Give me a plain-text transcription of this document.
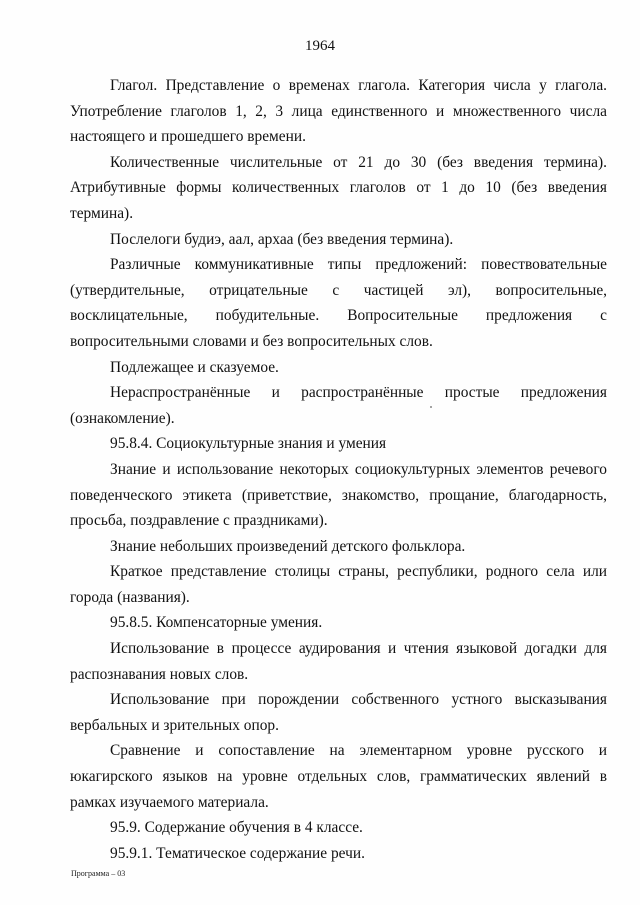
1964

Глагол. Представление о временах глагола. Категория числа у глагола. Употребление глаголов 1, 2, 3 лица единственного и множественного числа настоящего и прошедшего времени.

Количественные числительные от 21 до 30 (без введения термина). Атрибутивные формы количественных глаголов от 1 до 10 (без введения термина).

Послелоги будиэ, аал, архаа (без введения термина).

Различные коммуникативные типы предложений: повествовательные (утвердительные, отрицательные с частицей эл), вопросительные, восклицательные, побудительные. Вопросительные предложения с вопросительными словами и без вопросительных слов.

Подлежащее и сказуемое.

Нераспространённые и распространённые простые предложения (ознакомление).

95.8.4. Социокультурные знания и умения

Знание и использование некоторых социокультурных элементов речевого поведенческого этикета (приветствие, знакомство, прощание, благодарность, просьба, поздравление с праздниками).

Знание небольших произведений детского фольклора.

Краткое представление столицы страны, республики, родного села или города (названия).

95.8.5. Компенсаторные умения.

Использование в процессе аудирования и чтения языковой догадки для распознавания новых слов.

Использование при порождении собственного устного высказывания вербальных и зрительных опор.

Сравнение и сопоставление на элементарном уровне русского и юкагирского языков на уровне отдельных слов, грамматических явлений в рамках изучаемого материала.

95.9. Содержание обучения в 4 классе.

95.9.1. Тематическое содержание речи.

Программа – 03
